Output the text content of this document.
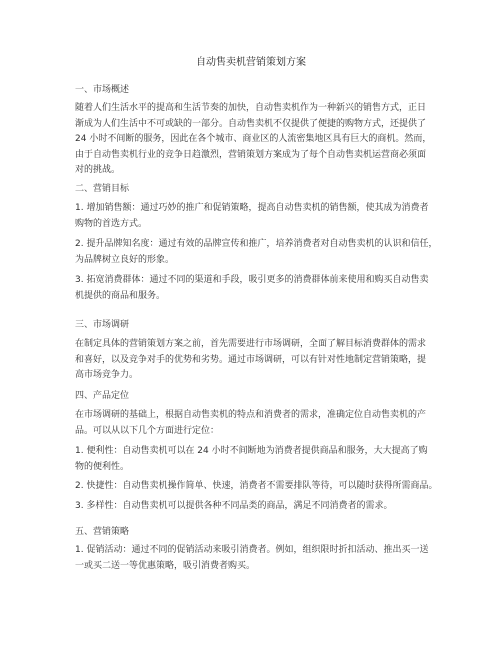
自动售卖机营销策划方案
一、市场概述
随着人们生活水平的提高和生活节奏的加快，自动售卖机作为一种新兴的销售方式，正日
渐成为人们生活中不可或缺的一部分。自动售卖机不仅提供了便捷的购物方式，还提供了
24 小时不间断的服务，因此在各个城市、商业区的人流密集地区具有巨大的商机。然而，
由于自动售卖机行业的竞争日趋激烈，营销策划方案成为了每个自动售卖机运营商必须面
对的挑战。
二、营销目标
1. 增加销售额：通过巧妙的推广和促销策略，提高自动售卖机的销售额，使其成为消费者
购物的首选方式。
2. 提升品牌知名度：通过有效的品牌宣传和推广，培养消费者对自动售卖机的认识和信任，
为品牌树立良好的形象。
3. 拓宽消费群体：通过不同的渠道和手段，吸引更多的消费群体前来使用和购买自动售卖
机提供的商品和服务。
三、市场调研
在制定具体的营销策划方案之前，首先需要进行市场调研，全面了解目标消费群体的需求
和喜好，以及竞争对手的优势和劣势。通过市场调研，可以有针对性地制定营销策略，提
高市场竞争力。
四、产品定位
在市场调研的基础上，根据自动售卖机的特点和消费者的需求，准确定位自动售卖机的产
品。可以从以下几个方面进行定位：
1. 便利性：自动售卖机可以在 24 小时不间断地为消费者提供商品和服务，大大提高了购
物的便利性。
2. 快捷性：自动售卖机操作简单、快速，消费者不需要排队等待，可以随时获得所需商品。
3. 多样性：自动售卖机可以提供各种不同品类的商品，满足不同消费者的需求。
五、营销策略
1. 促销活动：通过不同的促销活动来吸引消费者。例如，组织限时折扣活动、推出买一送
一或买二送一等优惠策略，吸引消费者购买。
